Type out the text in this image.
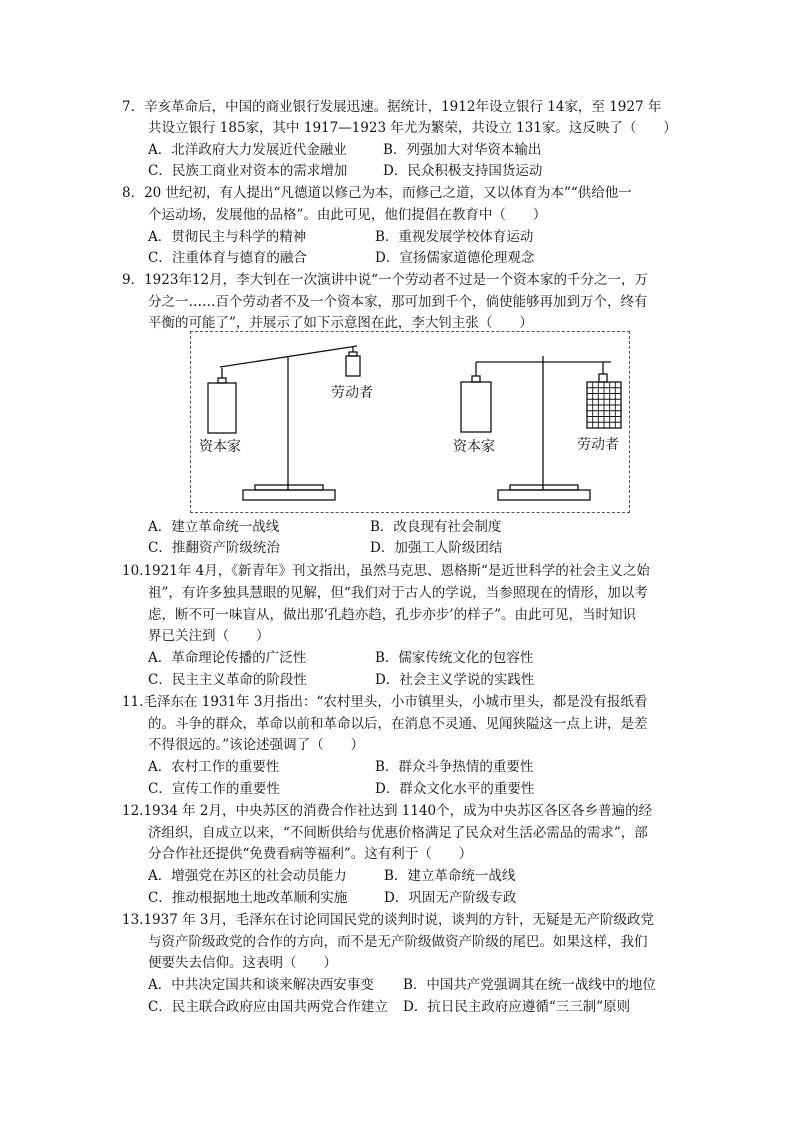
7．辛亥革命后，中国的商业银行发展迅速。据统计，1912年设立银行 14家，至 1927 年
共设立银行 185家，其中 1917—1923 年尤为繁荣，共设立 131家。这反映了（　　）
A．北洋政府大力发展近代金融业	B．列强加大对华资本输出
C．民族工商业对资本的需求增加	D．民众积极支持国货运动
8．20 世纪初，有人提出“凡德道以修己为本，而修己之道，又以体育为本”“供给他一
个运动场，发展他的品格”。由此可见，他们提倡在教育中（　　）
A．贯彻民主与科学的精神	B．重视发展学校体育运动
C．注重体育与德育的融合	D．宣扬儒家道德伦理观念
9．1923年12月，李大钊在一次演讲中说“一个劳动者不过是一个资本家的千分之一，万
分之一……百个劳动者不及一个资本家，那可加到千个，倘使能够再加到万个，终有
平衡的可能了”，并展示了如下示意图在此，李大钊主张（　　）
资本家
劳动者
资本家	劳动者
A．建立革命统一战线	B．改良现有社会制度
C．推翻资产阶级统治	D．加强工人阶级团结
10.1921年 4月，《新青年》刊文指出，虽然马克思、恩格斯“是近世科学的社会主义之始
祖”，有许多独具慧眼的见解，但“我们对于古人的学说，当参照现在的情形，加以考
虑，断不可一味盲从，做出那‘孔趋亦趋，孔步亦步’的样子”。由此可见，当时知识
界已关注到（　　）
A．革命理论传播的广泛性	B．儒家传统文化的包容性
C．民主主义革命的阶段性	D．社会主义学说的实践性
11.毛泽东在 1931年 3月指出：“农村里头，小市镇里头，小城市里头，都是没有报纸看
的。斗争的群众，革命以前和革命以后，在消息不灵通、见闻狭隘这一点上讲，是差
不得很远的。”该论述强调了（　　）
A．农村工作的重要性	B．群众斗争热情的重要性
C．宣传工作的重要性	D．群众文化水平的重要性
12.1934 年 2月，中央苏区的消费合作社达到 1140个，成为中央苏区各区各乡普遍的经
济组织，自成立以来，“不间断供给与优惠价格满足了民众对生活必需品的需求”，部
分合作社还提供“免费看病等福利”。这有利于（　　）
A．增强党在苏区的社会动员能力	B．建立革命统一战线
C．推动根据地土地改革顺利实施	D．巩固无产阶级专政
13.1937 年 3月，毛泽东在讨论同国民党的谈判时说，谈判的方针，无疑是无产阶级政党
与资产阶级政党的合作的方向，而不是无产阶级做资产阶级的尾巴。如果这样，我们
便要失去信仰。这表明（　　）
A．中共决定国共和谈来解决西安事变 B．中国共产党强调其在统一战线中的地位
C．民主联合政府应由国共两党合作建立 D．抗日民主政府应遵循“三三制”原则
